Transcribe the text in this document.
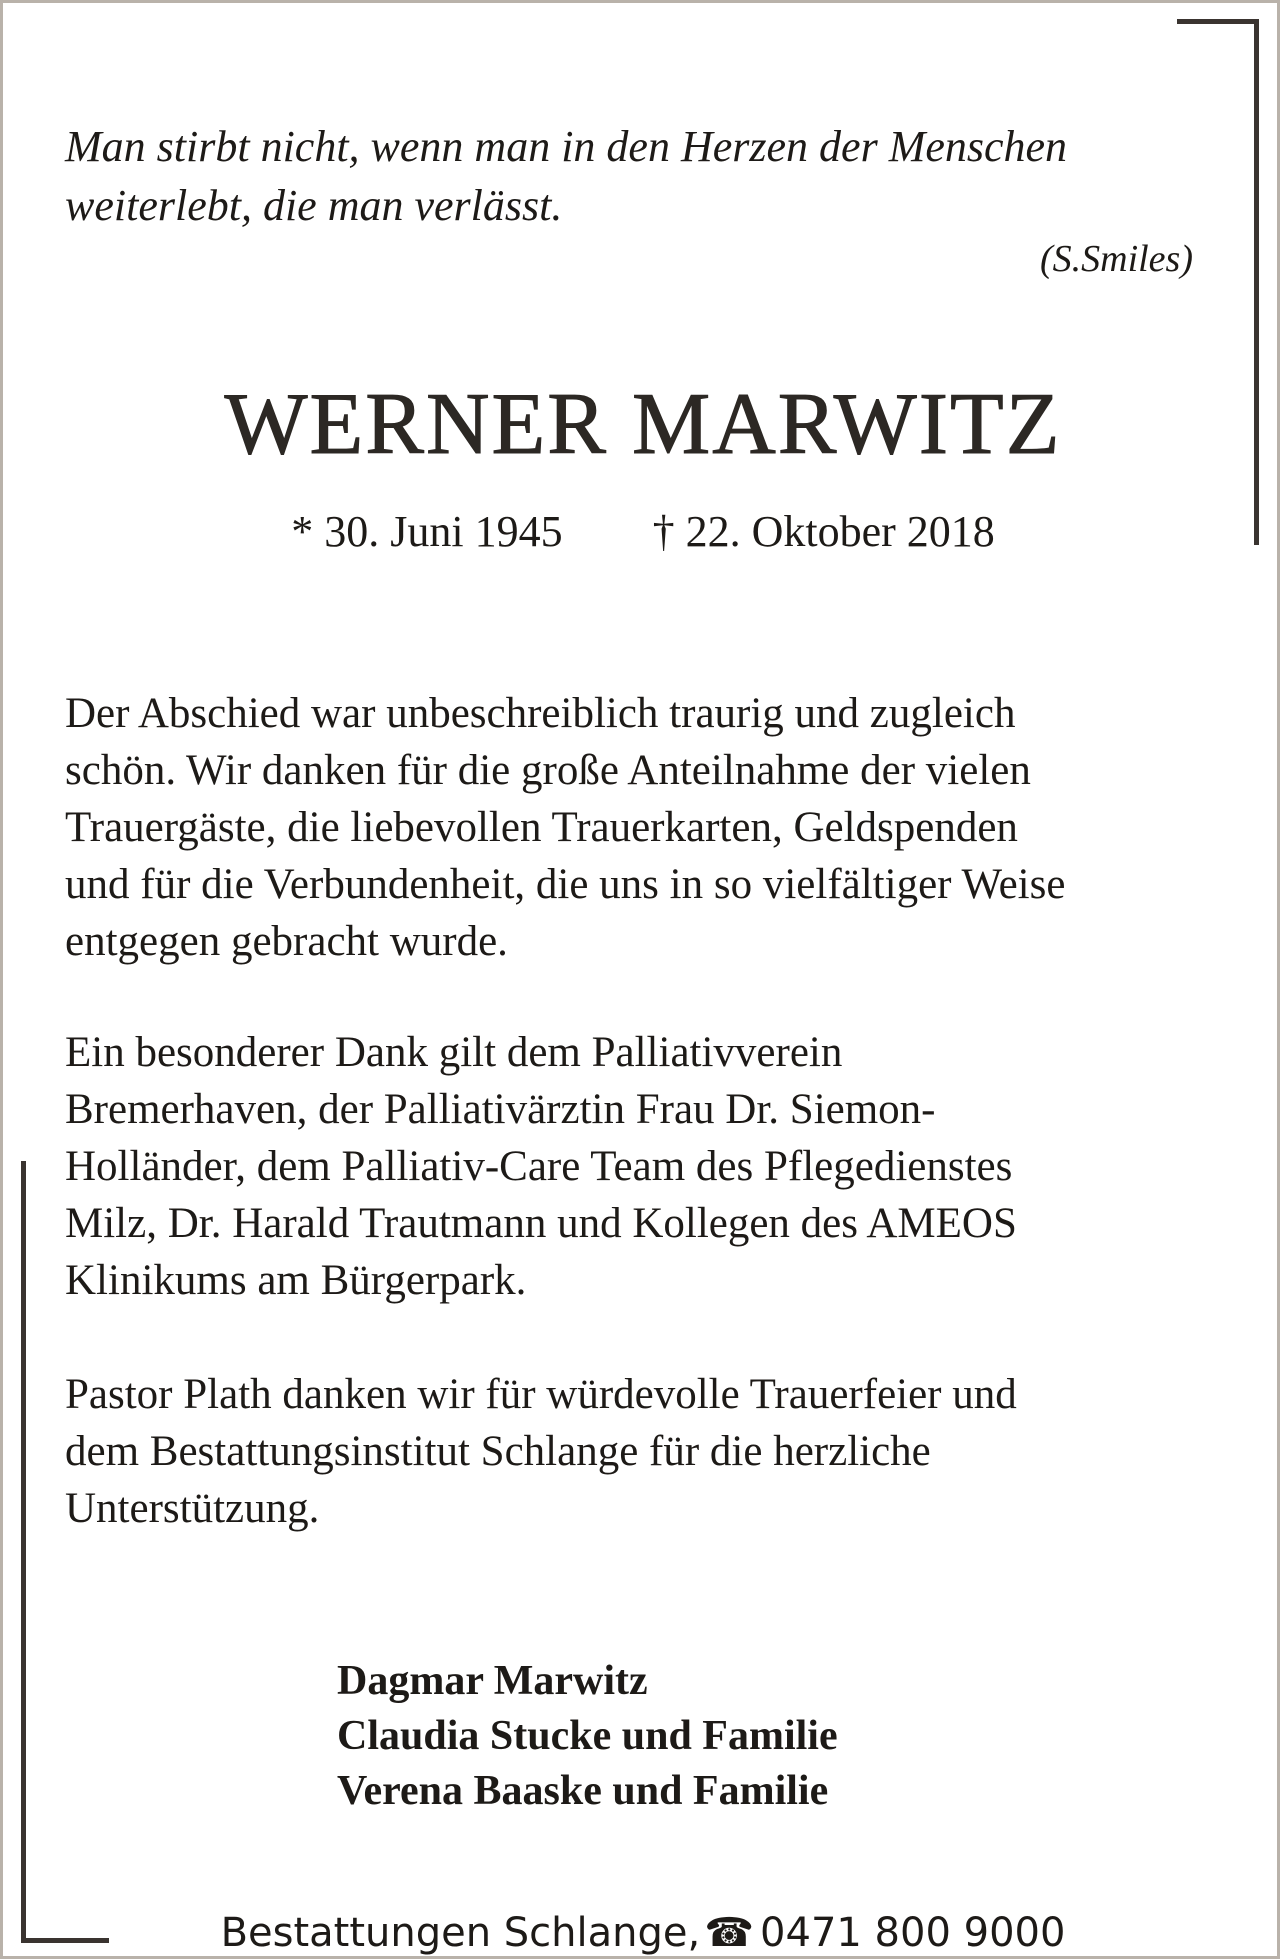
Man stirbt nicht, wenn man in den Herzen der Menschen
weiterlebt, die man verlässt.

(S.Smiles)
WERNER MARWITZ
* 30. Juni 1945 † 22. Oktober 2018

Der Abschied war unbeschreiblich traurig und zugleich
schön. Wir danken für die große Anteilnahme der vielen
Trauergäste, die liebevollen Trauerkarten, Geldspenden
und für die Verbundenheit, die uns in so vielfältiger Weise
entgegen gebracht wurde.

Ein besonderer Dank gilt dem Palliativverein
Bremerhaven, der Palliativärztin Frau Dr. Siemon-
Holländer, dem Palliativ-Care Team des Pflegedienstes
Milz, Dr. Harald Trautmann und Kollegen des AMEOS
Klinikums am Bürgerpark.

Pastor Plath danken wir für würdevolle Trauerfeier und
dem Bestattungsinstitut Schlange für die herzliche
Unterstützung.

Dagmar Marwitz
Claudia Stucke und Familie
Verena Baaske und Familie
Bestattungen Schlange, ☎ 0471 800 9000
